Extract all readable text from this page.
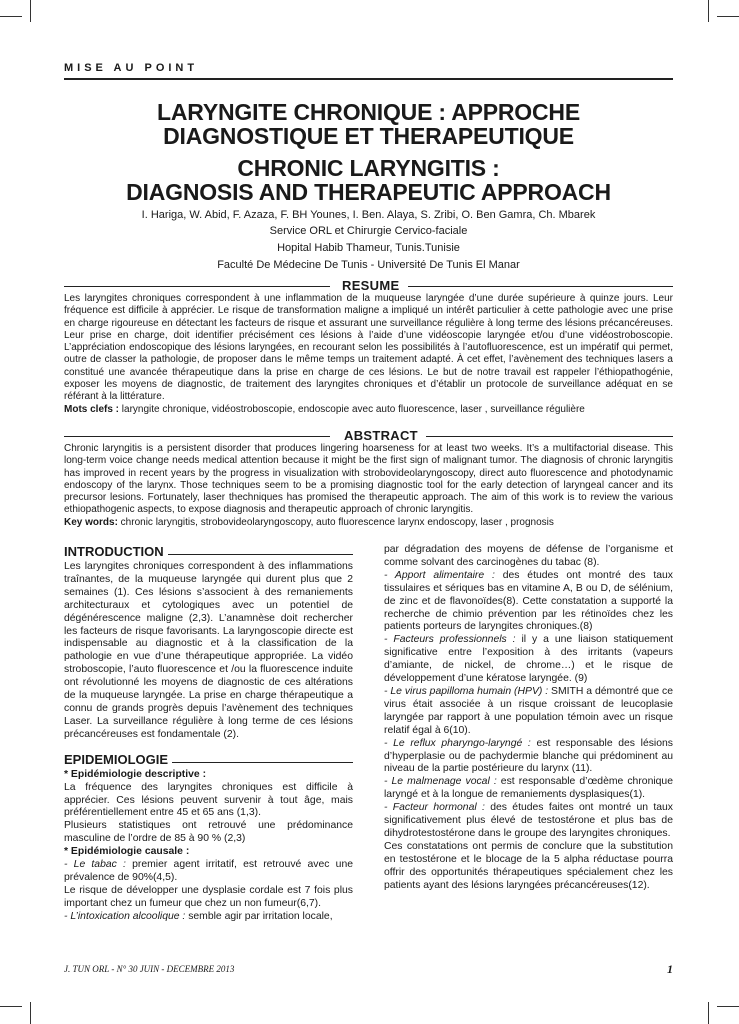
MISE AU POINT
LARYNGITE CHRONIQUE : APPROCHE
DIAGNOSTIQUE ET THERAPEUTIQUE
CHRONIC LARYNGITIS :
DIAGNOSIS AND THERAPEUTIC APPROACH
I. Hariga, W. Abid, F. Azaza, F. BH Younes, I. Ben. Alaya, S. Zribi, O. Ben Gamra, Ch. Mbarek
Service ORL et Chirurgie Cervico-faciale
Hopital Habib Thameur, Tunis.Tunisie
Faculté De Médecine De Tunis - Université De Tunis El Manar
RESUME

Les laryngites chroniques correspondent à une inflammation de la muqueuse laryngée d’une durée supérieure à quinze jours. Leur fréquence est difficile à apprécier. Le risque de transformation maligne a impliqué un intérêt particulier à cette pathologie avec une prise en charge rigoureuse en détectant les facteurs de risque et assurant une surveillance régulière à long terme des lésions précancéreuses. Leur prise en charge, doit identifier précisément ces lésions à l’aide d’une vidéoscopie laryngée et/ou d’une vidéostroboscopie. L’appréciation endoscopique des lésions laryngées, en recourant selon les possibilités à l’autofluorescence, est un impératif qui permet, outre de classer la pathologie, de proposer dans le même temps un traitement adapté. À cet effet, l’avènement des techniques lasers a constitué une avancée thérapeutique dans la prise en charge de ces lésions. Le but de notre travail est rappeler l’éthiopathogénie, exposer les moyens de diagnostic, de traitement des laryngites chroniques et d’établir un protocole de surveillance adéquat en se référant à la littérature.
Mots clefs : laryngite chronique, vidéostroboscopie, endoscopie avec auto fluorescence, laser , surveillance régulière

ABSTRACT

Chronic laryngitis is a persistent disorder that produces lingering hoarseness for at least two weeks. It’s a multifactorial disease. This long-term voice change needs medical attention because it might be the first sign of malignant tumor. The diagnosis of chronic laryngitis has improved in recent years by the progress in visualization with strobovideolaryngoscopy, direct auto fluorescence and photodynamic endoscopy of the larynx. Those techniques seem to be a promising diagnostic tool for the early detection of laryngeal cancer and its precursor lesions. Fortunately, laser thechniques has promised the therapeutic approach. The aim of this work is to review the various ethiopathogenic aspects, to expose diagnosis and therapeutic approach of chronic laryngitis.
Key words: chronic laryngitis, strobovideolaryngoscopy, auto fluorescence larynx endoscopy, laser , prognosis

INTRODUCTION

Les laryngites chroniques correspondent à des inflammations traînantes, de la muqueuse laryngée qui durent plus que 2 semaines (1). Ces lésions s’associent à des remaniements architecturaux et cytologiques avec un potentiel de dégénérescence maligne (2,3). L’anamnèse doit rechercher les facteurs de risque favorisants. La laryngoscopie directe est indispensable au diagnostic et à la classification de la pathologie en vue d’une thérapeutique appropriée. La vidéo stroboscopie, l’auto fluorescence et /ou la fluorescence induite ont révolutionné les moyens de diagnostic de ces altérations de la muqueuse laryngée. La prise en charge thérapeutique a connu de grands progrès depuis l’avènement des techniques Laser. La surveillance régulière à long terme de ces lésions précancéreuses est fondamentale (2).

EPIDEMIOLOGIE

* Epidémiologie descriptive :

La fréquence des laryngites chroniques est difficile à apprécier. Ces lésions peuvent survenir à tout âge, mais préférentiellement entre 45 et 65 ans (1,3).

Plusieurs statistiques ont retrouvé une prédominance masculine de l’ordre de 85 à 90 % (2,3)

* Epidémiologie causale :

- Le tabac : premier agent irritatif, est retrouvé avec une prévalence de 90%(4,5).

Le risque de développer une dysplasie cordale est 7 fois plus important chez un fumeur que chez un non fumeur(6,7).

- L’intoxication alcoolique : semble agir par irritation locale,

par dégradation des moyens de défense de l’organisme et comme solvant des carcinogènes du tabac (8).

- Apport alimentaire : des études ont montré des taux tissulaires et sériques bas en vitamine A, B ou D, de sélénium, de zinc et de flavonoïdes(8). Cette constatation a supporté la recherche de chimio prévention par les rétinoïdes chez les patients porteurs de laryngites chroniques.(8)

- Facteurs professionnels : il y a une liaison statiquement significative entre l’exposition à des irritants (vapeurs d’amiante, de nickel, de chrome…) et le risque de développement d’une kératose laryngée. (9)

- Le virus papilloma humain (HPV) : SMITH a démontré que ce virus était associée à un risque croissant de leucoplasie laryngée par rapport à une population témoin avec un risque relatif égal à 6(10).

- Le reflux pharyngo-laryngé : est responsable des lésions d’hyperplasie ou de pachydermie blanche qui prédominent au niveau de la partie postérieure du larynx (11).

- Le malmenage vocal : est responsable d’œdème chronique laryngé et à la longue de remaniements dysplasiques(1).

- Facteur hormonal : des études faites ont montré un taux significativement plus élevé de testostérone et plus bas de dihydrotestostérone dans le groupe des laryngites chroniques.

Ces constatations ont permis de conclure que la substitution en testostérone et le blocage de la 5 alpha réductase pourra offrir des opportunités thérapeutiques spécialement chez les patients ayant des lésions laryngées précancéreuses(12).

J. TUN ORL - N° 30 JUIN - DECEMBRE 2013	1
